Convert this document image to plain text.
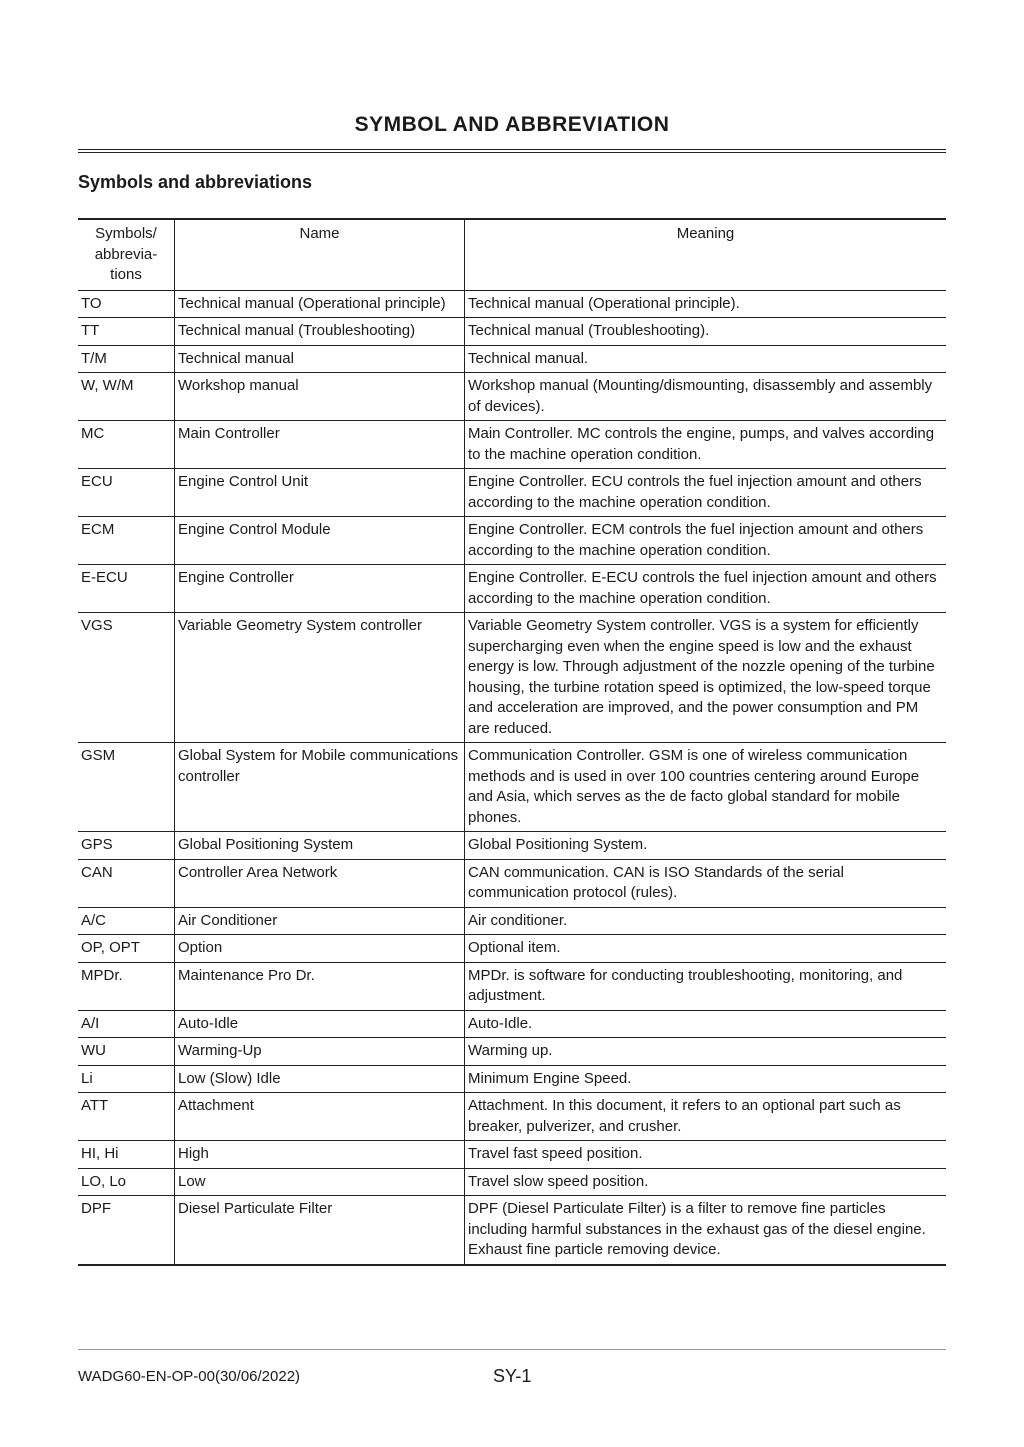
SYMBOL AND ABBREVIATION
Symbols and abbreviations
Symbols/ abbrevia- tions	Name	Meaning
TO	Technical manual (Operational principle)	Technical manual (Operational principle).
TT	Technical manual (Troubleshooting)	Technical manual (Troubleshooting).
T/M	Technical manual	Technical manual.
W, W/M	Workshop manual	Workshop manual (Mounting/dismounting, disassembly and assembly of devices).
MC	Main Controller	Main Controller. MC controls the engine, pumps, and valves according to the machine operation condition.
ECU	Engine Control Unit	Engine Controller. ECU controls the fuel injection amount and others according to the machine operation condition.
ECM	Engine Control Module	Engine Controller. ECM controls the fuel injection amount and others according to the machine operation condition.
E-ECU	Engine Controller	Engine Controller. E-ECU controls the fuel injection amount and others according to the machine operation condition.
VGS	Variable Geometry System controller	Variable Geometry System controller. VGS is a system for efficiently supercharging even when the engine speed is low and the exhaust energy is low. Through adjustment of the nozzle opening of the turbine housing, the turbine rotation speed is optimized, the low-speed torque and acceleration are improved, and the power consumption and PM are reduced.
GSM	Global System for Mobile communications controller	Communication Controller. GSM is one of wireless communication methods and is used in over 100 countries centering around Europe and Asia, which serves as the de facto global standard for mobile phones.
GPS	Global Positioning System	Global Positioning System.
CAN	Controller Area Network	CAN communication. CAN is ISO Standards of the serial communication protocol (rules).
A/C	Air Conditioner	Air conditioner.
OP, OPT	Option	Optional item.
MPDr.	Maintenance Pro Dr.	MPDr. is software for conducting troubleshooting, monitoring, and adjustment.
A/I	Auto-Idle	Auto-Idle.
WU	Warming-Up	Warming up.
Li	Low (Slow) Idle	Minimum Engine Speed.
ATT	Attachment	Attachment. In this document, it refers to an optional part such as breaker, pulverizer, and crusher.
HI, Hi	High	Travel fast speed position.
LO, Lo	Low	Travel slow speed position.
DPF	Diesel Particulate Filter	DPF (Diesel Particulate Filter) is a filter to remove fine particles including harmful substances in the exhaust gas of the diesel engine. Exhaust fine particle removing device.
WADG60-EN-OP-00(30/06/2022)	SY-1
